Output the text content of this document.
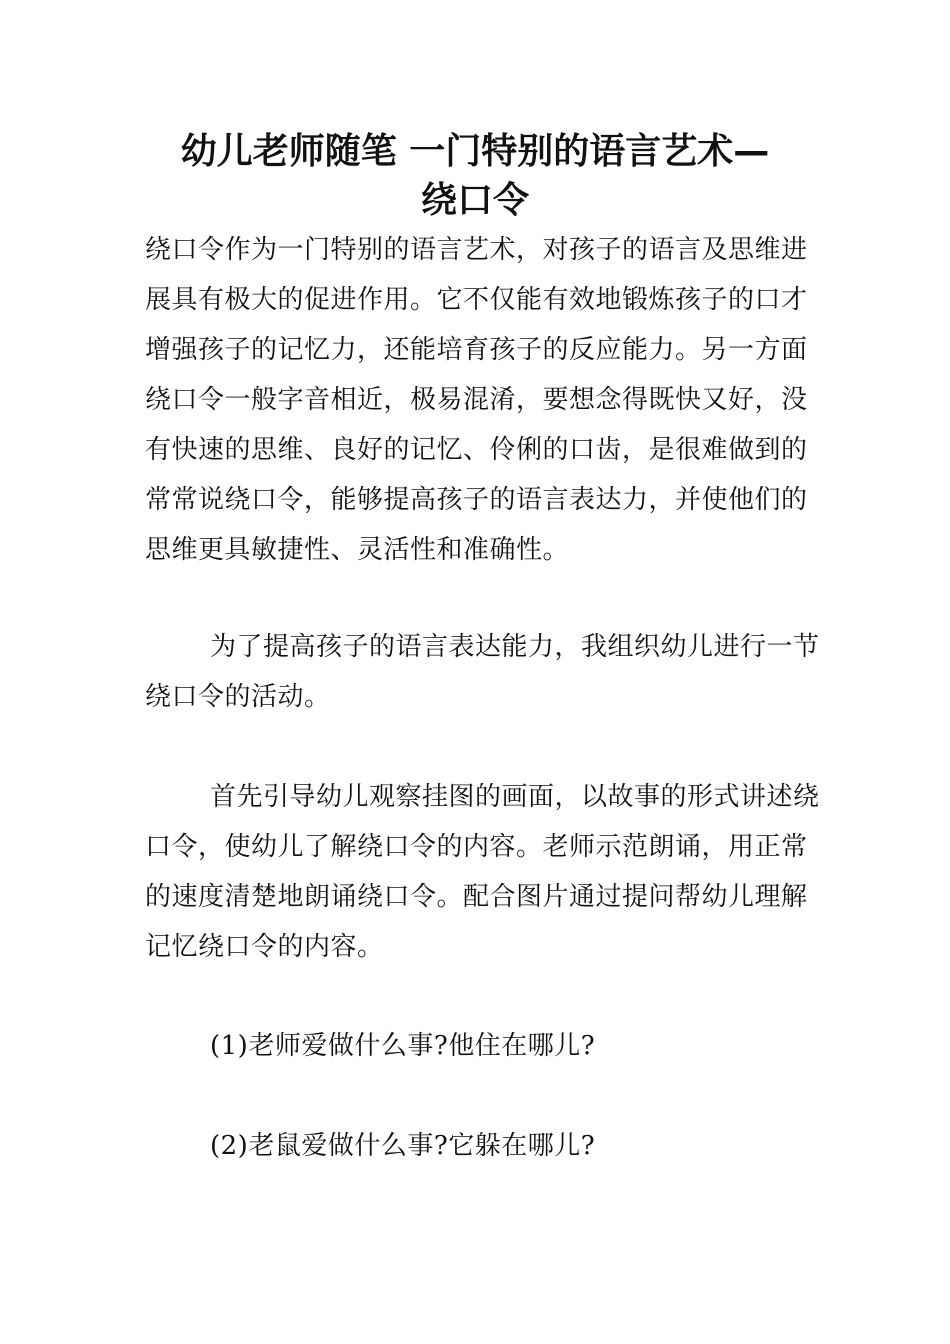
幼儿老师随笔 一门特别的语言艺术—
绕口令
绕口令作为一门特别的语言艺术，对孩子的语言及思维进
展具有极大的促进作用。它不仅能有效地锻炼孩子的口才
增强孩子的记忆力，还能培育孩子的反应能力。另一方面
绕口令一般字音相近，极易混淆，要想念得既快又好，没
有快速的思维、良好的记忆、伶俐的口齿，是很难做到的
常常说绕口令，能够提高孩子的语言表达力，并使他们的
思维更具敏捷性、灵活性和准确性。
为了提高孩子的语言表达能力，我组织幼儿进行一节
绕口令的活动。
首先引导幼儿观察挂图的画面，以故事的形式讲述绕
口令，使幼儿了解绕口令的内容。老师示范朗诵，用正常
的速度清楚地朗诵绕口令。配合图片通过提问帮幼儿理解
记忆绕口令的内容。
(1)老师爱做什么事?他住在哪儿?
(2)老鼠爱做什么事?它躲在哪儿?
